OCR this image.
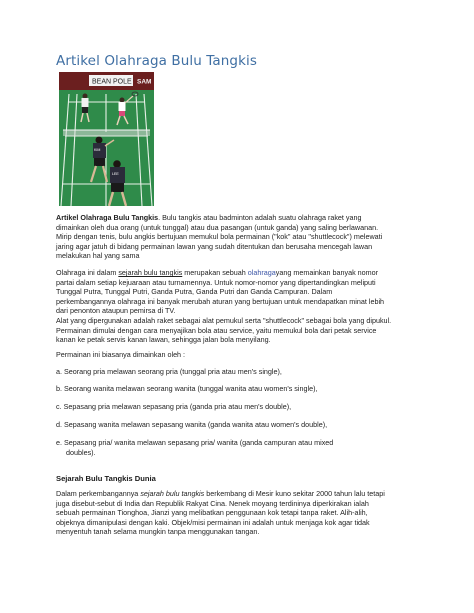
Artikel Olahraga Bulu Tangkis
BEAN POLE SAM
KIM
LEE
Artikel Olahraga Bulu Tangkis. Bulu tangkis atau badminton adalah suatu olahraga raket yang
dimainkan oleh dua orang (untuk tunggal) atau dua pasangan (untuk ganda) yang saling berlawanan.
Mirip dengan tenis, bulu angkis bertujuan memukul bola permainan ("kok" atau "shuttlecock") melewati
jaring agar jatuh di bidang permainan lawan yang sudah ditentukan dan berusaha mencegah lawan
melakukan hal yang sama
Olahraga ini dalam sejarah bulu tangkis merupakan sebuah olahragayang memainkan banyak nomor
partai dalam setiap kejuaraan atau turnamennya. Untuk nomor-nomor yang dipertandingkan meliputi
Tunggal Putra, Tunggal Putri, Ganda Putra, Ganda Putri dan Ganda Campuran. Dalam
perkembangannya olahraga ini banyak merubah aturan yang bertujuan untuk mendapatkan minat lebih
dari penonton ataupun pemirsa di TV.
Alat yang dipergunakan adalah raket sebagai alat pemukul serta "shuttlecock" sebagai bola yang dipukul.
Permainan dimulai dengan cara menyajikan bola atau service, yaitu memukul bola dari petak service
kanan ke petak servis kanan lawan, sehingga jalan bola menyilang.
Permainan ini biasanya dimainkan oleh :
a. Seorang pria melawan seorang pria (tunggal pria atau men's single),
b. Seorang wanita melawan seorang wanita (tunggal wanita atau women's single),
c. Sepasang pria melawan sepasang pria (ganda pria atau men's double),
d. Sepasang wanita melawan sepasang wanita (ganda wanita atau women's double),
e. Sepasang pria/ wanita melawan sepasang pria/ wanita (ganda campuran atau mixed
doubles).
Sejarah Bulu Tangkis Dunia
Dalam perkembangannya sejarah bulu tangkis berkembang di Mesir kuno sekitar 2000 tahun lalu tetapi
juga disebut-sebut di India dan Republik Rakyat Cina. Nenek moyang terdininya diperkirakan ialah
sebuah permainan Tionghoa, Jianzi yang melibatkan penggunaan kok tetapi tanpa raket. Alih-alih,
objeknya dimanipulasi dengan kaki. Objek/misi permainan ini adalah untuk menjaga kok agar tidak
menyentuh tanah selama mungkin tanpa menggunakan tangan.
